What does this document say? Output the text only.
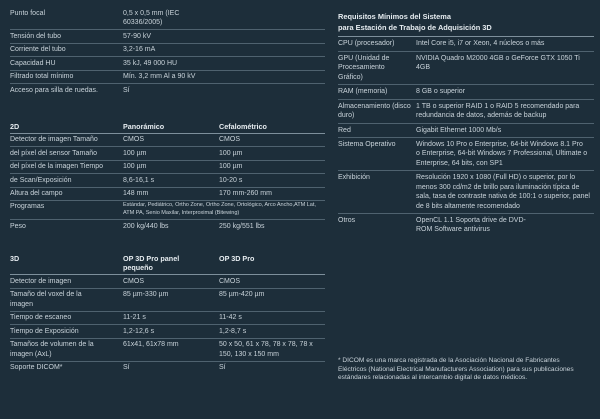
Punto focal	0,5 x 0,5 mm (IEC 60336/2005)
Tensión del tubo	57-90 kV
Corriente del tubo	3,2-16 mA
Capacidad HU	35 kJ, 49 000 HU
Filtrado total mínimo	Mín. 3,2 mm Al a 90 kV
Acceso para silla de ruedas.	Sí
2D	Panorámico	Cefalométrico
Detector de imagen Tamaño	CMOS	CMOS
del píxel del sensor Tamaño	100 µm	100 µm
del píxel de la imagen Tiempo	100 µm	100 µm
de Scan/Exposición	8,6-16,1 s	10-20 s
Altura del campo	148 mm	170 mm-260 mm
Programas	Estándar, Pediátrico, Ortho Zone, Ortho Zone, Ortológico, Arco Ancho,ATM Lat, ATM PA, Senio Maxilar, Interproximal (Bitewing)	
Peso	200 kg/440 lbs	250 kg/551 lbs
3D	OP 3D Pro panel pequeño	OP 3D Pro
Detector de imagen	CMOS	CMOS
Tamaño del voxel de la imagen	85 µm-330 µm	85 µm-420 µm
Tiempo de escaneo	11-21 s	11-42 s
Tiempo de Exposición	1,2-12,6 s	1,2-8,7 s
Tamaños de volumen de la imagen (AxL)	61x41, 61x78 mm	50 x 50, 61 x 78, 78 x 78, 78 x 150, 130 x 150 mm
Soporte DICOM*	Sí	Sí
Requisitos Mínimos del Sistema
para Estación de Trabajo de Adquisición 3D
CPU (procesador)	Intel Core i5, i7 or Xeon, 4 núcleos o más
GPU (Unidad de Procesamiento Gráfico)	NVIDIA Quadro M2000 4GB o GeForce GTX 1050 Ti 4GB
RAM (memoria)	8 GB o superior
Almacenamiento (disco duro)	1 TB o superior RAID 1 o RAID 5 recomendado para redundancia de datos, además de backup
Red	Gigabit Ethernet 1000 Mb/s
Sistema Operativo	Windows 10 Pro o Enterprise, 64-bit Windows 8.1 Pro o Enterprise, 64-bit Windows 7 Professional, Ultimate o Enterprise, 64 bits, con SP1
Exhibición	Resolución 1920 x 1080 (Full HD) o superior, por lo menos 300 cd/m2 de brillo para iluminación típica de sala, tasa de contraste nativa de 100:1 o superior, panel de 8 bits altamente recomendado
Otros	OpenCL 1.1 Soporta drive de DVD-ROM Software antivirus
* DICOM es una marca registrada de la Asociación Nacional de Fabricantes Eléctricos (National Electrical Manufacturers Association) para sus publicaciones estándares relacionadas al intercambio digital de datos médicos.
